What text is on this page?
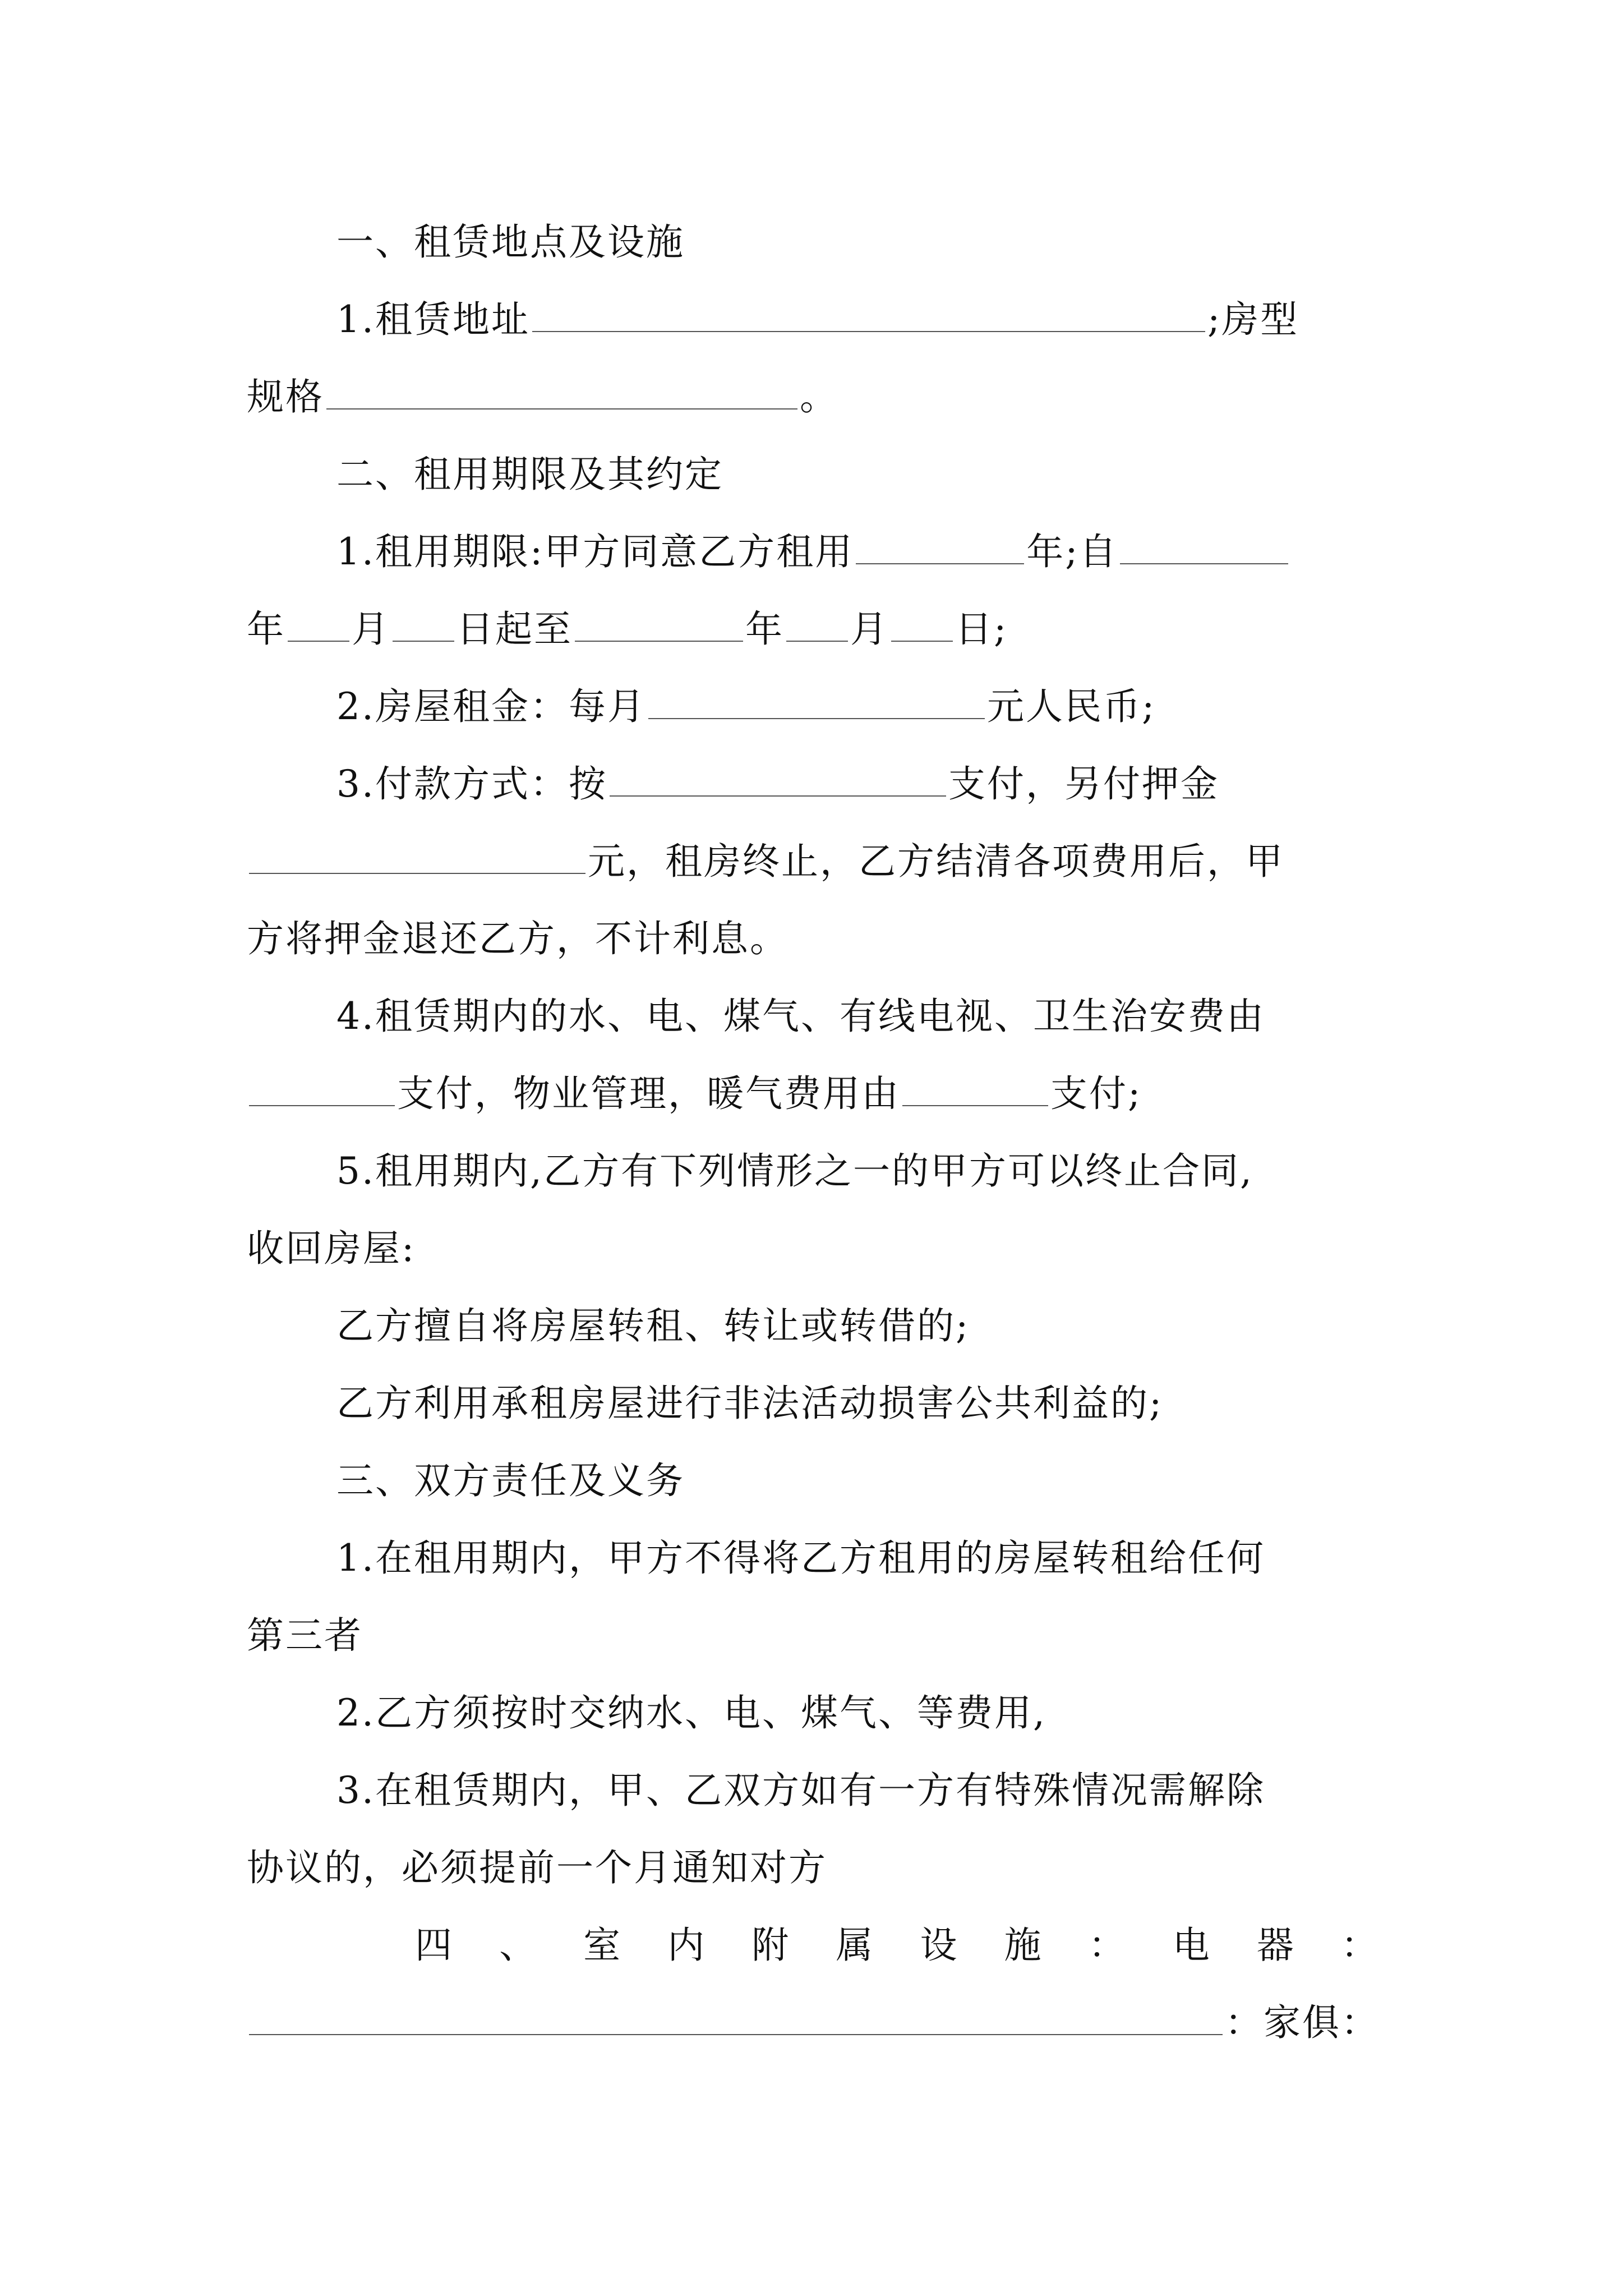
一、租赁地点及设施
1.租赁地址	;房型
规格	。
二、租用期限及其约定
1.租用期限:甲方同意乙方租用	年;自
年 月 日起至	年 月 日;
2.房屋租金：每月	元人民币;
3.付款方式：按	支付，另付押金
元，租房终止，乙方结清各项费用后，甲
方将押金退还乙方，不计利息。
4.租赁期内的水、电、煤气、有线电视、卫生治安费由
支付，物业管理，暖气费用由	支付;
5.租用期内,乙方有下列情形之一的甲方可以终止合同,
收回房屋:
乙方擅自将房屋转租、转让或转借的;
乙方利用承租房屋进行非法活动损害公共利益的;
三、双方责任及义务
1.在租用期内，甲方不得将乙方租用的房屋转租给任何
第三者
2.乙方须按时交纳水、电、煤气、等费用,
3.在租赁期内，甲、乙双方如有一方有特殊情况需解除
协议的，必须提前一个月通知对方
四 、 室 内 附 属 设 施 ： 电 器 ：
：家俱：
